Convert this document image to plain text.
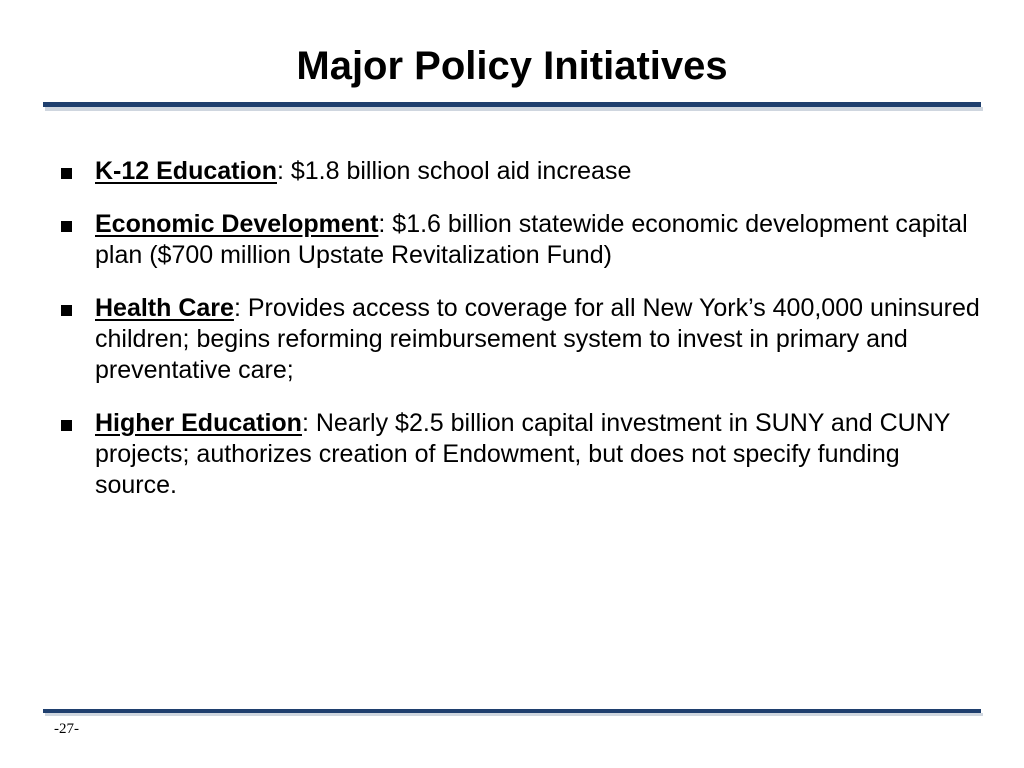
Major Policy Initiatives
K-12 Education: $1.8 billion school aid increase
Economic Development: $1.6 billion statewide economic development capital plan ($700 million Upstate Revitalization Fund)
Health Care: Provides access to coverage for all New York’s 400,000 uninsured children; begins reforming reimbursement system to invest in primary and preventative care;
Higher Education: Nearly $2.5 billion capital investment in SUNY and CUNY projects; authorizes creation of Endowment, but does not specify funding source.
-27-
